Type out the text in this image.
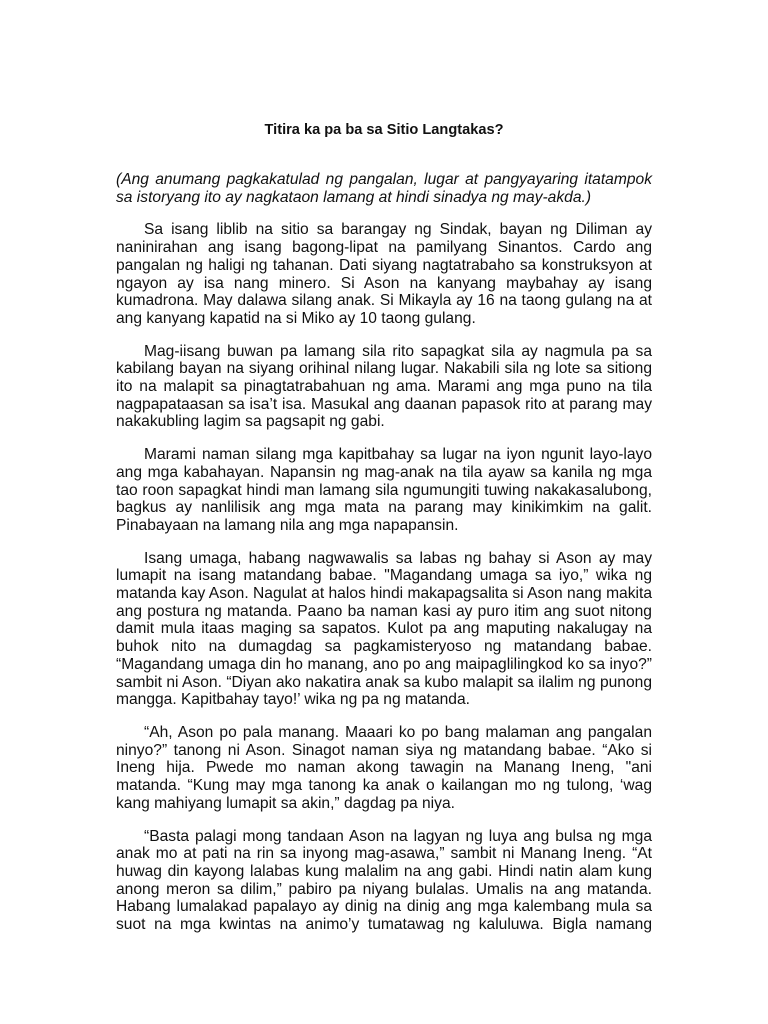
Titira ka pa ba sa Sitio Langtakas?

(Ang anumang pagkakatulad ng pangalan, lugar at pangyayaring itatampok sa istoryang ito ay nagkataon lamang at hindi sinadya ng may-akda.)

Sa isang liblib na sitio sa barangay ng Sindak, bayan ng Diliman ay naninirahan ang isang bagong-lipat na pamilyang Sinantos. Cardo ang pangalan ng haligi ng tahanan. Dati siyang nagtatrabaho sa konstruksyon at ngayon ay isa nang minero. Si Ason na kanyang maybahay ay isang kumadrona. May dalawa silang anak. Si Mikayla ay 16 na taong gulang na at ang kanyang kapatid na si Miko ay 10 taong gulang.

Mag-iisang buwan pa lamang sila rito sapagkat sila ay nagmula pa sa kabilang bayan na siyang orihinal nilang lugar. Nakabili sila ng lote sa sitiong ito na malapit sa pinagtatrabahuan ng ama. Marami ang mga puno na tila nagpapataasan sa isa’t isa. Masukal ang daanan papasok rito at parang may nakakubling lagim sa pagsapit ng gabi.

Marami naman silang mga kapitbahay sa lugar na iyon ngunit layo-layo ang mga kabahayan. Napansin ng mag-anak na tila ayaw sa kanila ng mga tao roon sapagkat hindi man lamang sila ngumungiti tuwing nakakasalubong, bagkus ay nanlilisik ang mga mata na parang may kinikimkim na galit. Pinabayaan na lamang nila ang mga napapansin.

Isang umaga, habang nagwawalis sa labas ng bahay si Ason ay may lumapit na isang matandang babae. "Magandang umaga sa iyo,” wika ng matanda kay Ason. Nagulat at halos hindi makapagsalita si Ason nang makita ang postura ng matanda. Paano ba naman kasi ay puro itim ang suot nitong damit mula itaas maging sa sapatos. Kulot pa ang maputing nakalugay na buhok nito na dumagdag sa pagkamisteryoso ng matandang babae. “Magandang umaga din ho manang, ano po ang maipaglilingkod ko sa inyo?” sambit ni Ason. “Diyan ako nakatira anak sa kubo malapit sa ilalim ng punong mangga. Kapitbahay tayo!’ wika ng pa ng matanda.

“Ah, Ason po pala manang. Maaari ko po bang malaman ang pangalan ninyo?” tanong ni Ason. Sinagot naman siya ng matandang babae. “Ako si Ineng hija. Pwede mo naman akong tawagin na Manang Ineng, "ani matanda. “Kung may mga tanong ka anak o kailangan mo ng tulong, ‘wag kang mahiyang lumapit sa akin,” dagdag pa niya.

“Basta palagi mong tandaan Ason na lagyan ng luya ang bulsa ng mga anak mo at pati na rin sa inyong mag-asawa,” sambit ni Manang Ineng. “At huwag din kayong lalabas kung malalim na ang gabi. Hindi natin alam kung anong meron sa dilim,” pabiro pa niyang bulalas. Umalis na ang matanda. Habang lumalakad papalayo ay dinig na dinig ang mga kalembang mula sa suot na mga kwintas na animo’y tumatawag ng kaluluwa. Bigla namang
